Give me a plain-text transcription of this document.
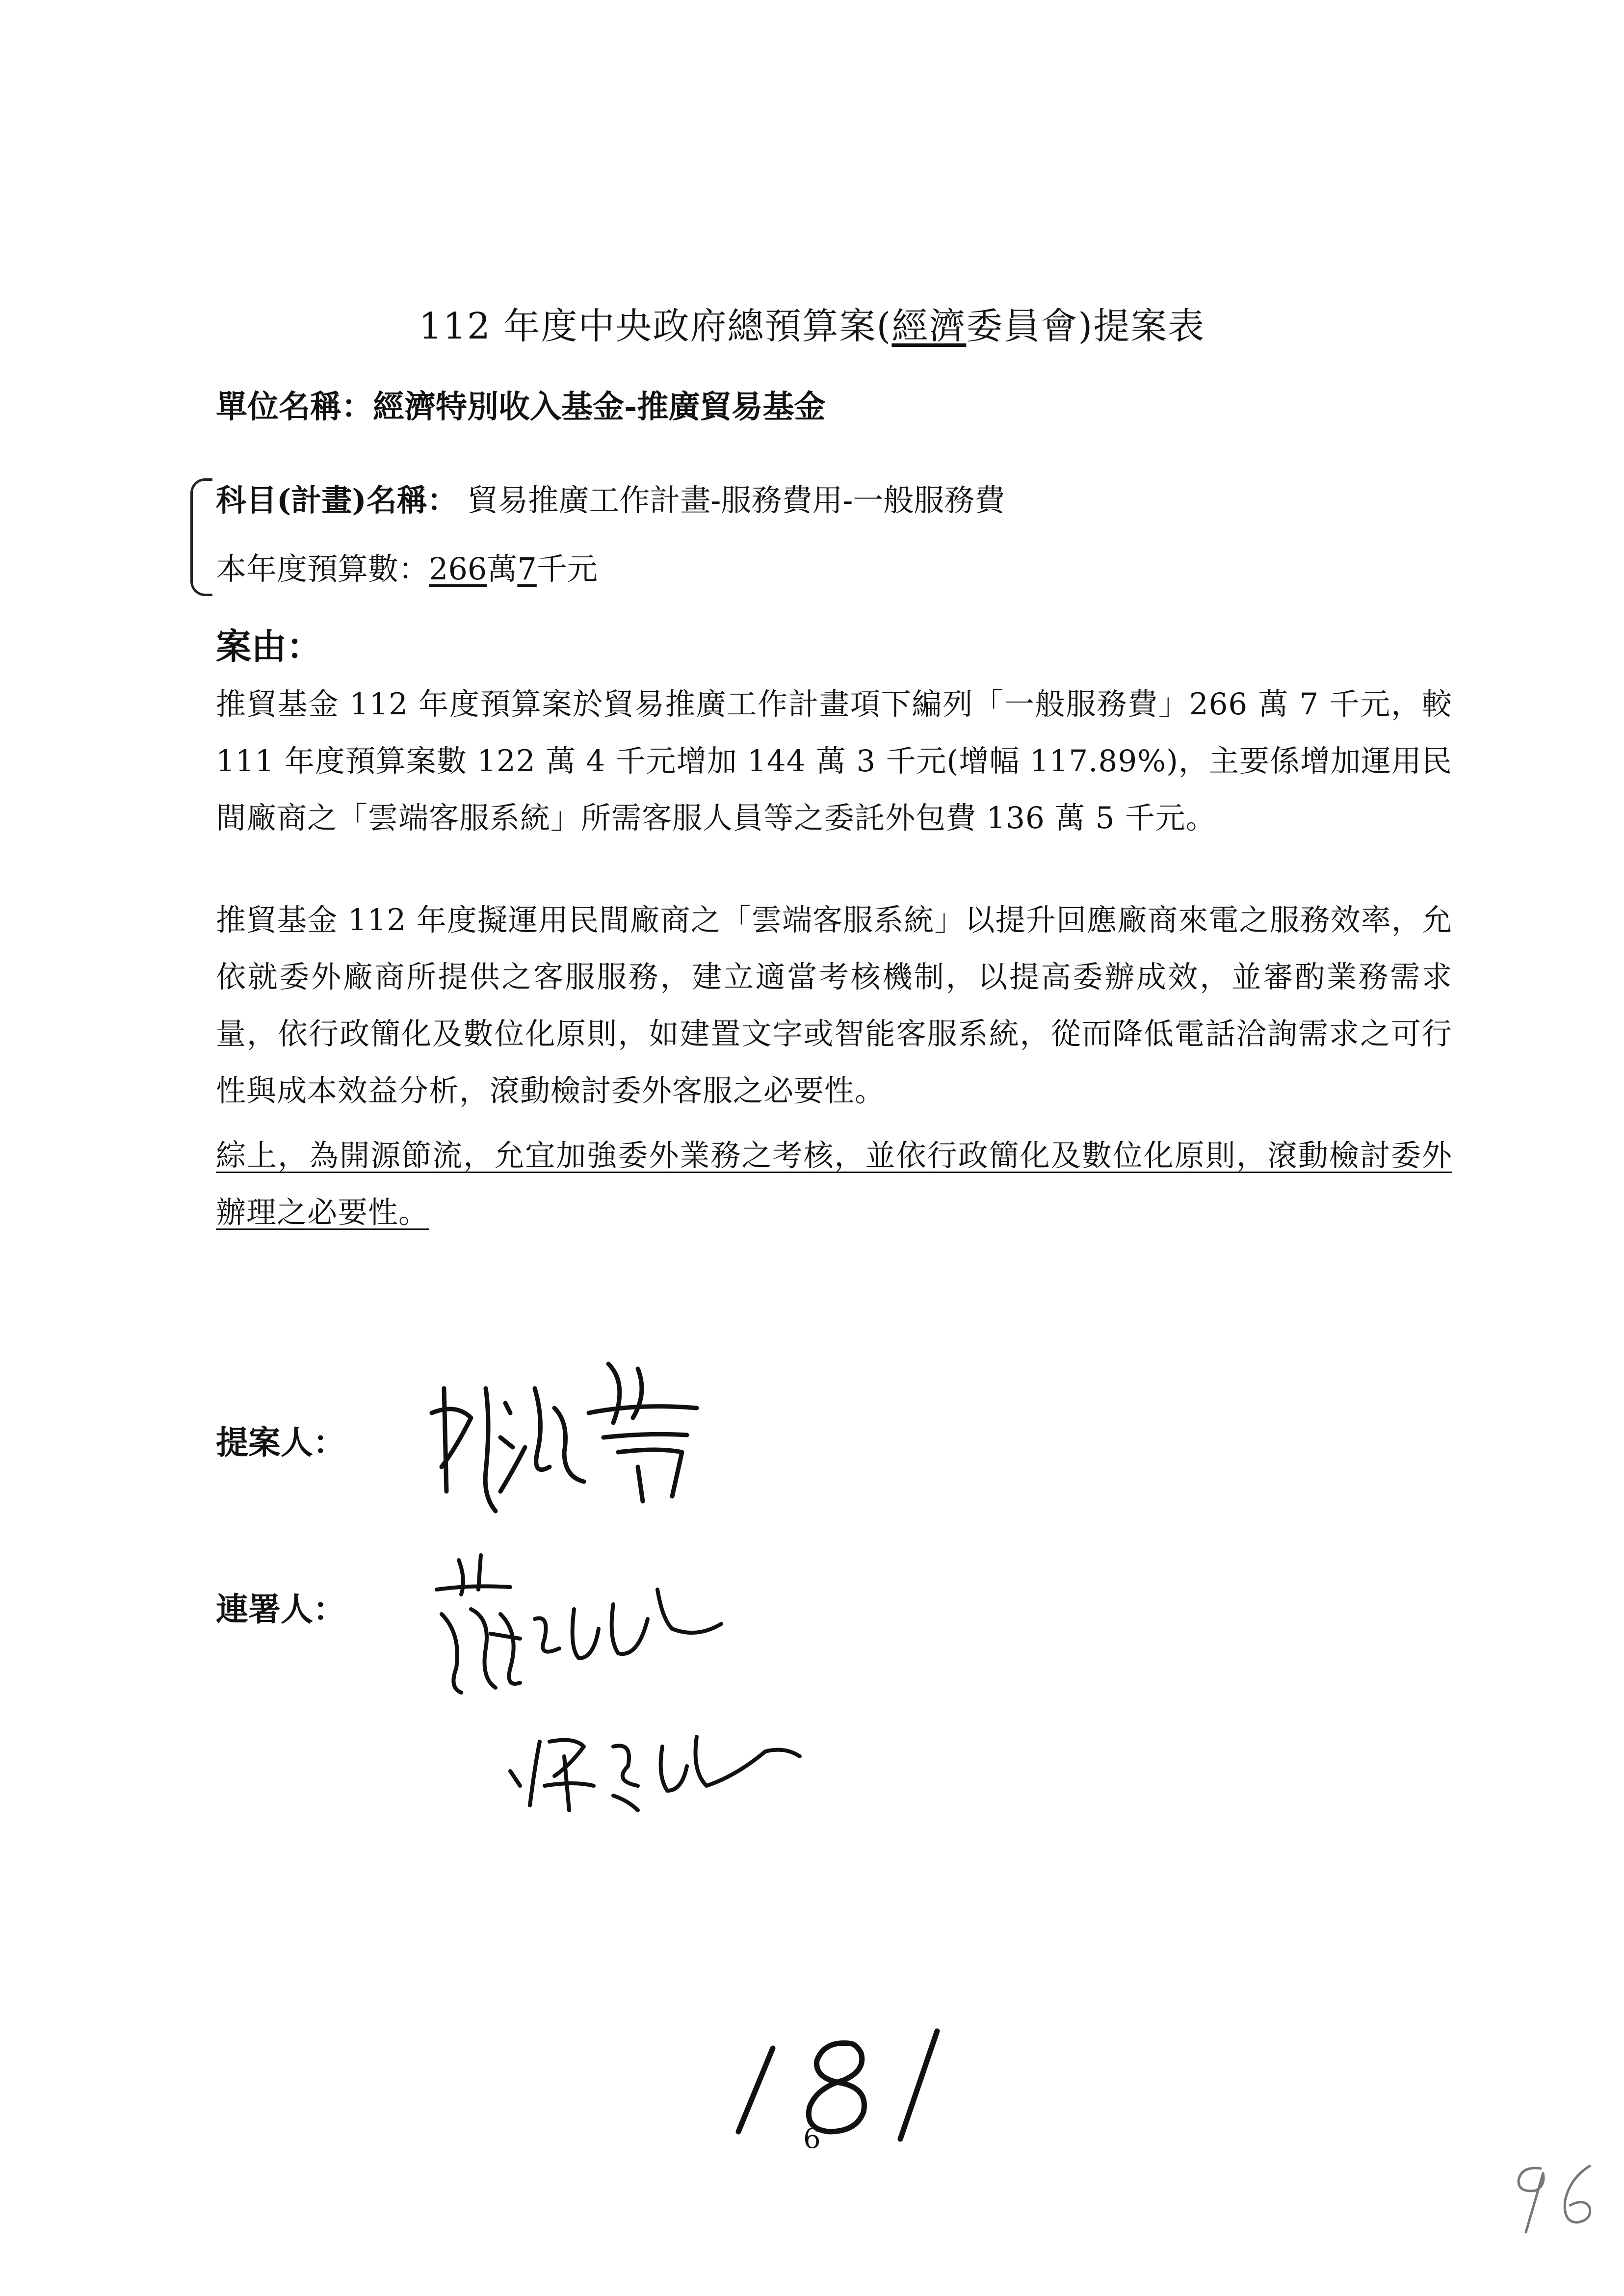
112 年度中央政府總預算案(經濟委員會)提案表
單位名稱：經濟特別收入基金-推廣貿易基金
科目(計畫)名稱： 貿易推廣工作計畫-服務費用-一般服務費
本年度預算數：266萬7千元
案由：
推貿基金 112 年度預算案於貿易推廣工作計畫項下編列「一般服務費」266 萬 7 千元，較 111 年度預算案數 122 萬 4 千元增加 144 萬 3 千元(增幅 117.89%)，主要係增加運用民間廠商之「雲端客服系統」所需客服人員等之委託外包費 136 萬 5 千元。
推貿基金 112 年度擬運用民間廠商之「雲端客服系統」以提升回應廠商來電之服務效率，允依就委外廠商所提供之客服服務，建立適當考核機制，以提高委辦成效，並審酌業務需求量，依行政簡化及數位化原則，如建置文字或智能客服系統，從而降低電話洽詢需求之可行性與成本效益分析，滾動檢討委外客服之必要性。
綜上，為開源節流，允宜加強委外業務之考核，並依行政簡化及數位化原則，滾動檢討委外辦理之必要性。
提案人：
連署人：
6
